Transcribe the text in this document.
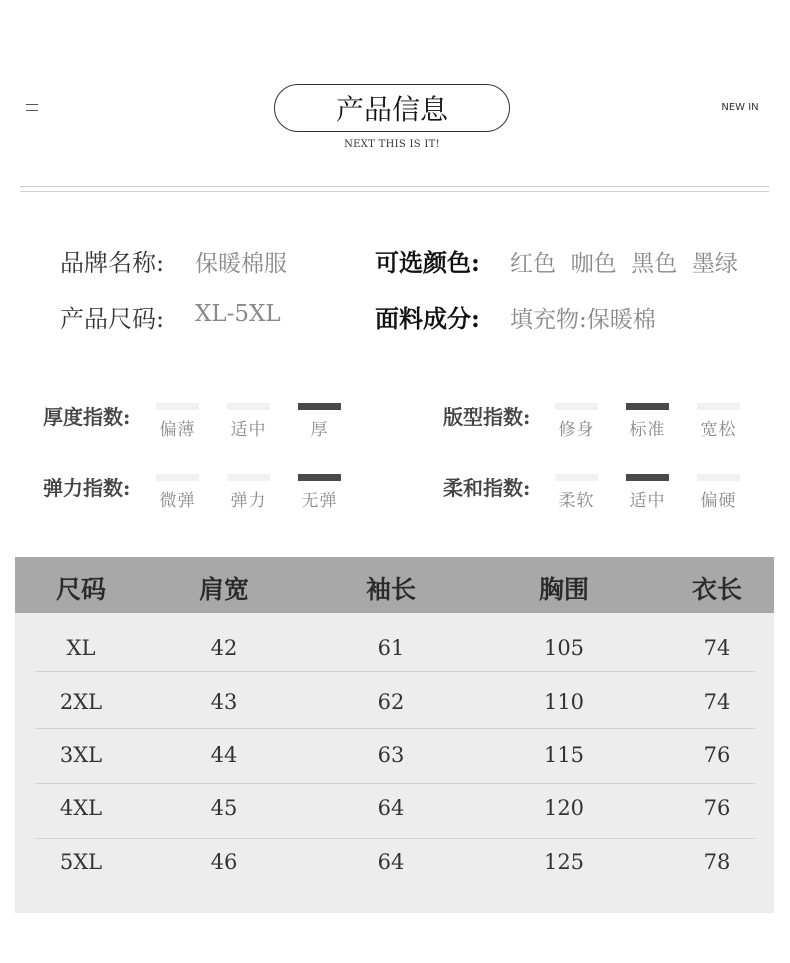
产品信息
NEXT THIS IS IT!
NEW IN
品牌名称: 保暖棉服	可选颜色: 红色  咖色  黑色  墨绿
产品尺码: XL-5XL	面料成分: 填充物:保暖棉
厚度指数:
偏薄 适中	厚
版型指数:
修身 标准 宽松
弹力指数:
微弹 弹力 无弹
柔和指数:
柔软 适中 偏硬
尺码	肩宽	袖长	胸围	衣长
XL	42	61	105	74
2XL	43	62	110	74
3XL	44	63	115	76
4XL	45	64	120	76
5XL	46	64	125	78
